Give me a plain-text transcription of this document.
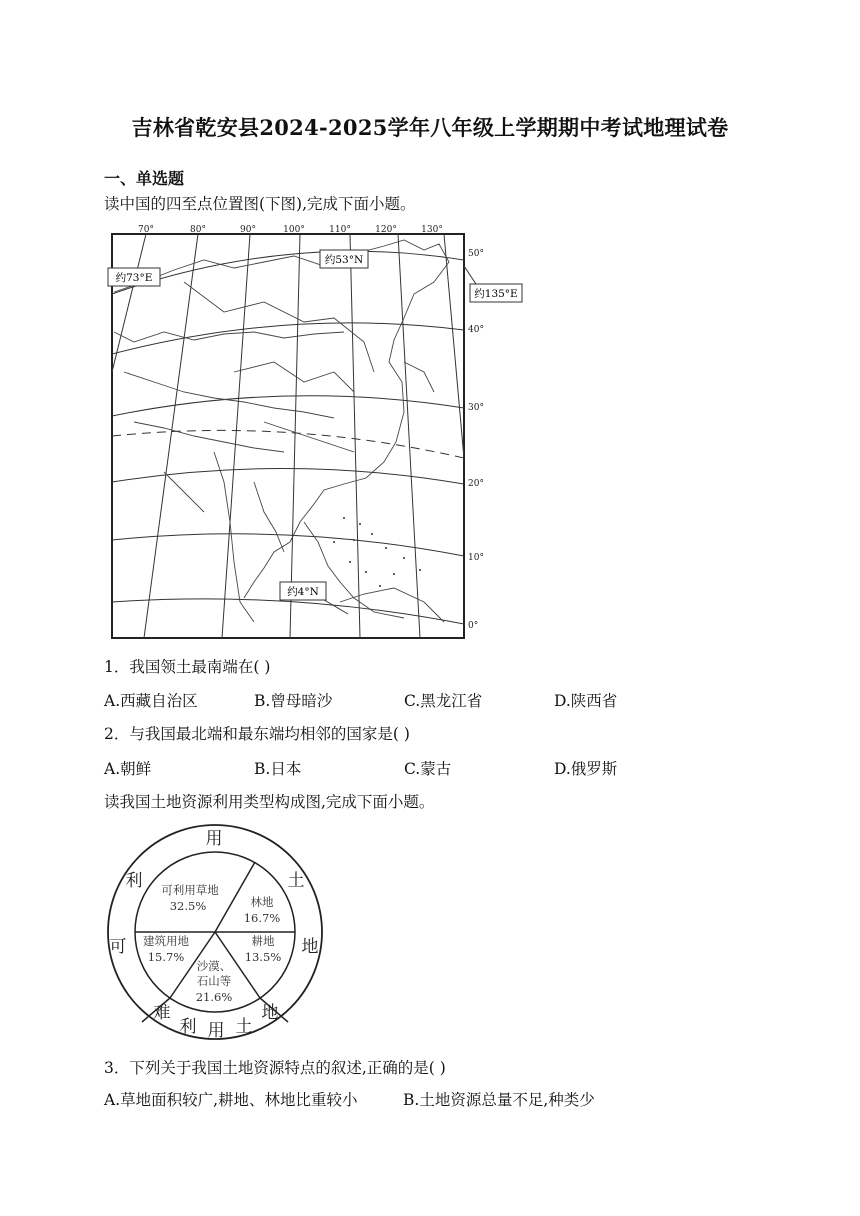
吉林省乾安县2024-2025学年八年级上学期期中考试地理试卷
一、单选题
读中国的四至点位置图(下图),完成下面小题。
70°	80°	90°	100°	110°	120°	130°
50°
40°
30°
20°
10°
0°
约73°E
约53°N
约135°E
约4°N
1．我国领土最南端在( )
A.西藏自治区	B.曾母暗沙	C.黑龙江省	D.陕西省
2．与我国最北端和最东端均相邻的国家是( )
A.朝鲜	B.日本	C.蒙古	D.俄罗斯
读我国土地资源利用类型构成图,完成下面小题。
利
用
土
地
可
难
利 用 土
地
可利用草地
32.5%	林地
16.7%
耕地
13.5%
沙漠、
石山等
21.6%
建筑用地
15.7%
3．下列关于我国土地资源特点的叙述,正确的是( )
A.草地面积较广,耕地、林地比重较小	B.土地资源总量不足,种类少
